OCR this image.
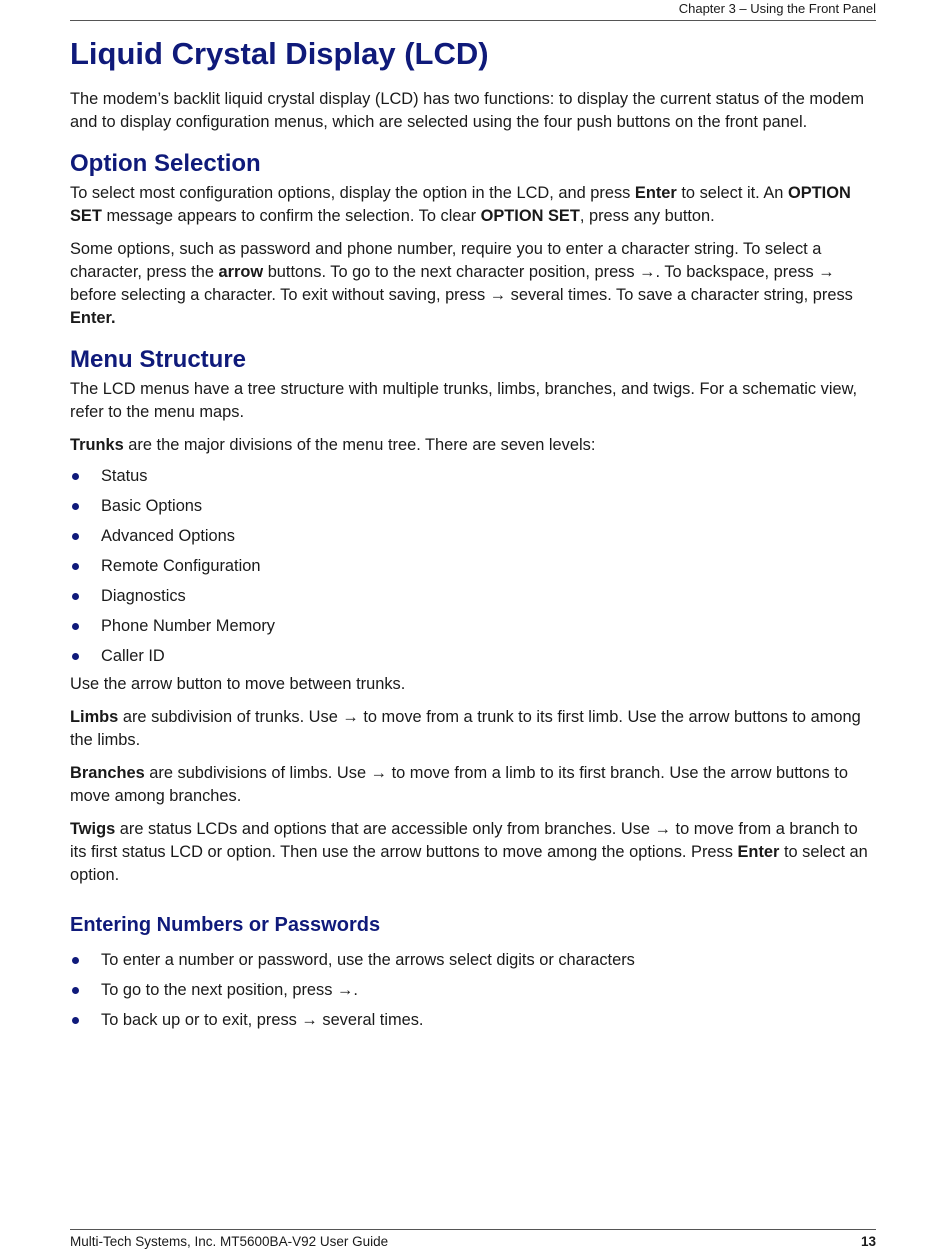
Chapter 3 – Using the Front Panel
Liquid Crystal Display (LCD)

The modem’s backlit liquid crystal display (LCD) has two functions: to display the current status of the modem and to display configuration menus, which are selected using the four push buttons on the front panel.

Option Selection

To select most configuration options, display the option in the LCD, and press Enter to select it. An OPTION SET message appears to confirm the selection. To clear OPTION SET, press any button.

Some options, such as password and phone number, require you to enter a character string. To select a character, press the arrow buttons. To go to the next character position, press →. To backspace, press → before selecting a character. To exit without saving, press → several times. To save a character string, press Enter.

Menu Structure

The LCD menus have a tree structure with multiple trunks, limbs, branches, and twigs. For a schematic view, refer to the menu maps.

Trunks are the major divisions of the menu tree. There are seven levels:

Status
Basic Options
Advanced Options
Remote Configuration
Diagnostics
Phone Number Memory
Caller ID

Use the arrow button to move between trunks.

Limbs are subdivision of trunks. Use → to move from a trunk to its first limb. Use the arrow buttons to among the limbs.

Branches are subdivisions of limbs. Use → to move from a limb to its first branch. Use the arrow buttons to move among branches.

Twigs are status LCDs and options that are accessible only from branches. Use → to move from a branch to its first status LCD or option. Then use the arrow buttons to move among the options. Press Enter to select an option.

Entering Numbers or Passwords
To enter a number or password, use the arrows select digits or characters
To go to the next position, press →.
To back up or to exit, press → several times.
Multi-Tech Systems, Inc. MT5600BA-V92 User Guide	13
